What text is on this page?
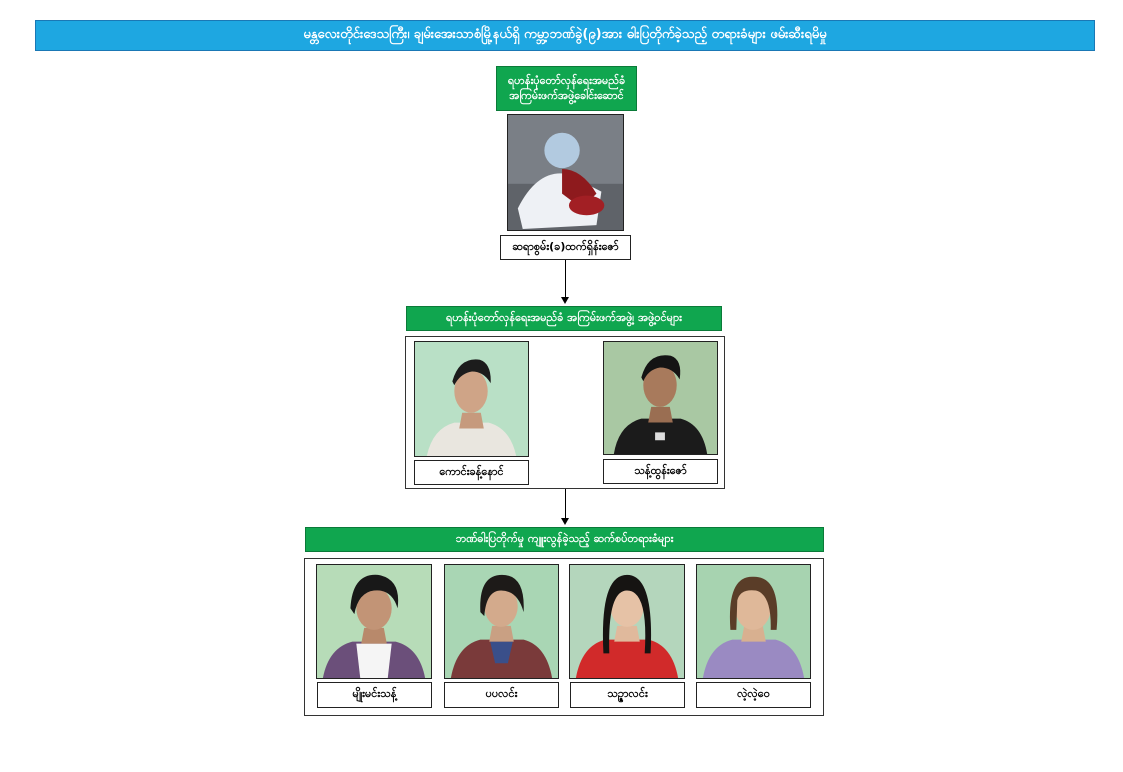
မန္တလေးတိုင်းဒေသကြီး၊ ချမ်းအေးသာစံမြို့နယ်ရှိ ကမ္ဘာ့ဘဏ်ခွဲ(၉)အား ဓါးပြတိုက်ခဲ့သည့် တရားခံများ ဖမ်းဆီးရမိမှု
ရဟန်းပုံတော်လှန်ရေးအမည်ခံ အကြမ်းဖက်အဖွဲ့ခေါင်းဆောင်
ဆရာစွမ်း(ခ)ထက်ရှိန်းဇော်
ရဟန်းပုံတော်လှန်ရေးအမည်ခံ အကြမ်းဖက်အဖွဲ့၊ အဖွဲ့ဝင်များ
ကောင်းခန့်နောင်	သန့်ထွန်းဇော်
ဘဏ်ဓါးပြတိုက်မှု ကျူးလွန်ခဲ့သည့် ဆက်စပ်တရားခံများ
မျိုးမင်းသန့်	ပပလင်း	သဉ္ဇာလင်း	လဲ့လဲ့ဝေ
